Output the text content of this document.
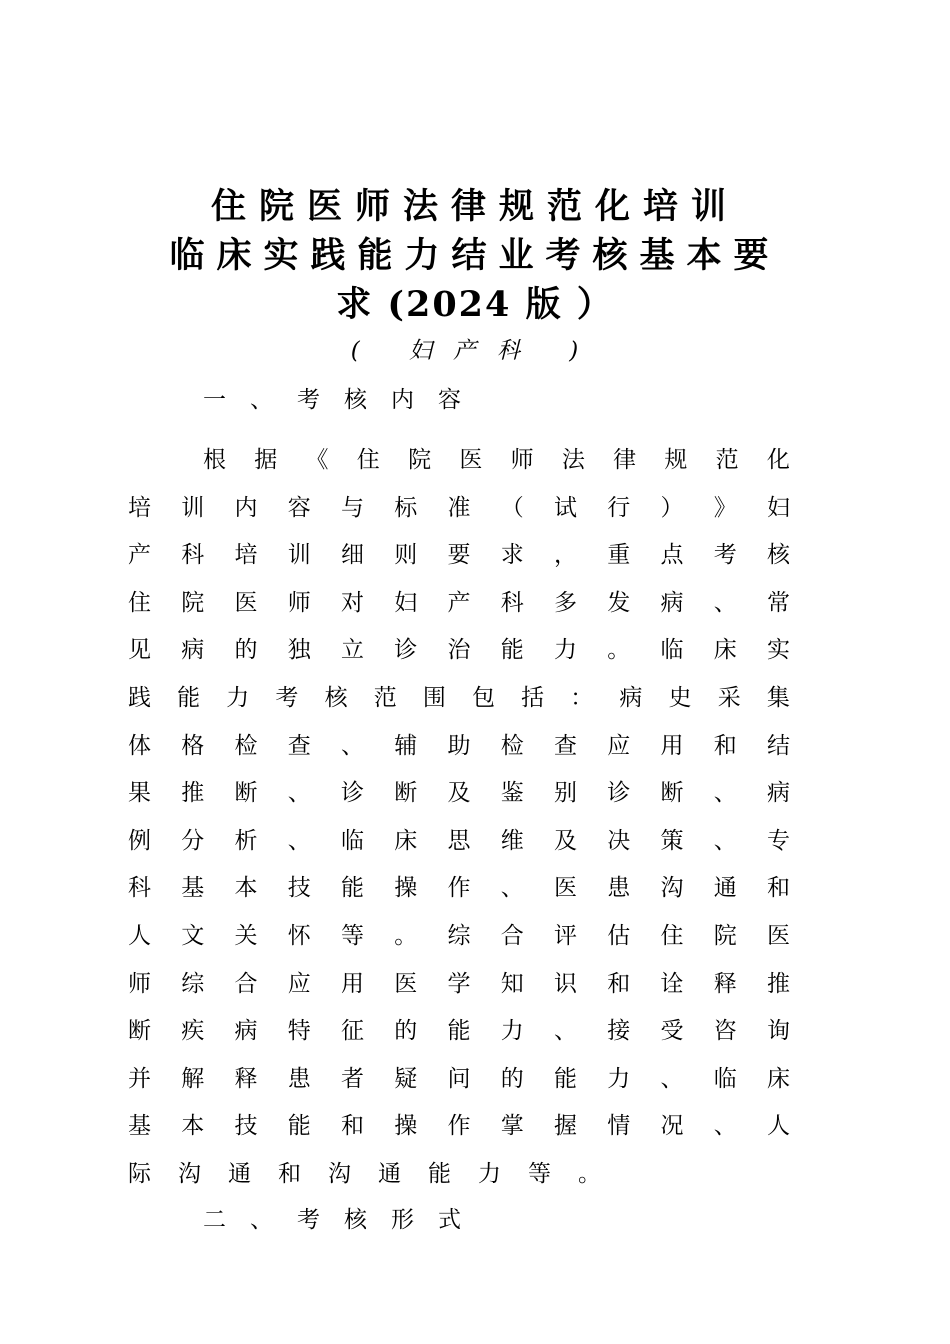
住院医师法律规范化培训
临床实践能力结业考核基本要
求 (2024 版 ）
( 妇产科 )
一、考核内容
根 据 《 住 院 医 师 法 律 规 范 化
培 训 内 容 与 标 准 （ 试 行 ） 》 妇
产 科 培 训 细 则 要 求 ， 重 点 考 核
住 院 医 师 对 妇 产 科 多 发 病 、 常
见 病 的 独 立 诊 治 能 力 。 临 床 实
践 能 力 考 核 范 围 包 括 ： 病 史 采 集
体 格 检 查 、 辅 助 检 查 应 用 和 结
果 推 断 、 诊 断 及 鉴 别 诊 断 、 病
例 分 析 、 临 床 思 维 及 决 策 、 专
科 基 本 技 能 操 作 、 医 患 沟 通 和
人 文 关 怀 等 。 综 合 评 估 住 院 医
师 综 合 应 用 医 学 知 识 和 诠 释 推
断 疾 病 特 征 的 能 力 、 接 受 咨 询
并 解 释 患 者 疑 问 的 能 力 、 临 床
基 本 技 能 和 操 作 掌 握 情 况 、 人
际 沟 通 和 沟 通 能 力 等 。
二、考核形式
